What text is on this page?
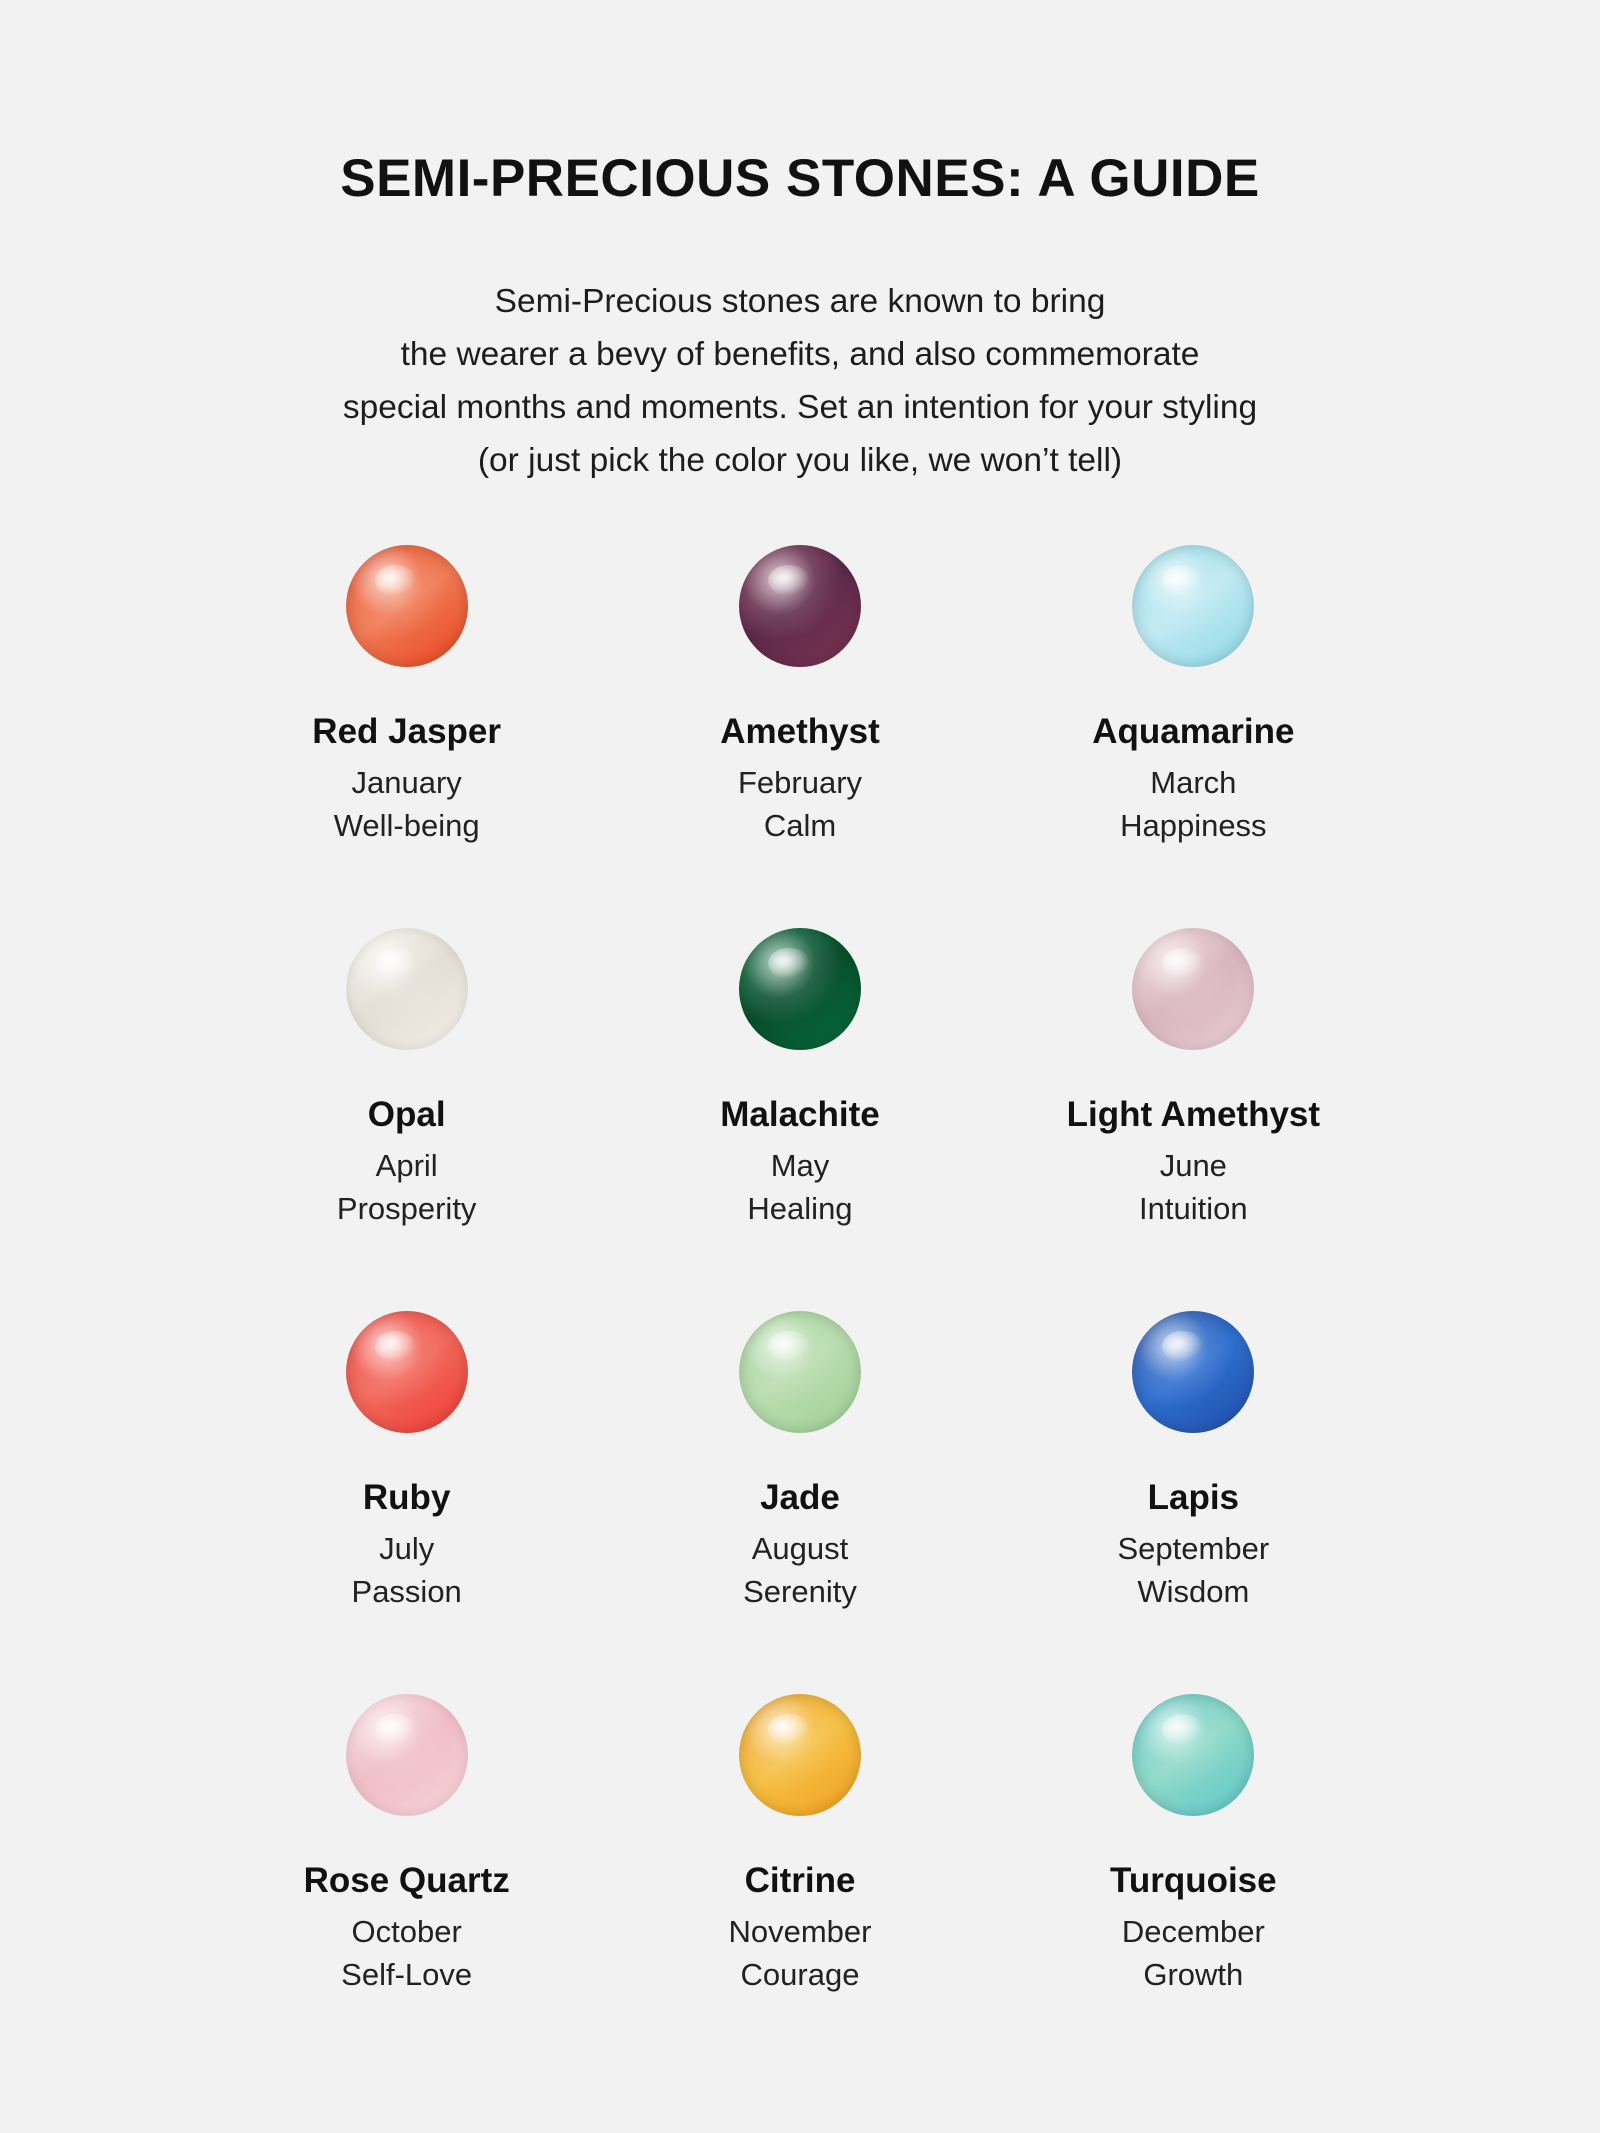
SEMI-PRECIOUS STONES: A GUIDE
Semi-Precious stones are known to bring
the wearer a bevy of benefits, and also commemorate
special months and moments. Set an intention for your styling
(or just pick the color you like, we won’t tell)
Red Jasper
January
Well-being
Amethyst
February
Calm
Aquamarine
March
Happiness
Opal
April
Prosperity
Malachite
May
Healing
Light Amethyst
June
Intuition
Ruby
July
Passion
Jade
August
Serenity
Lapis
September
Wisdom
Rose Quartz
October
Self-Love
Citrine
November
Courage
Turquoise
December
Growth
